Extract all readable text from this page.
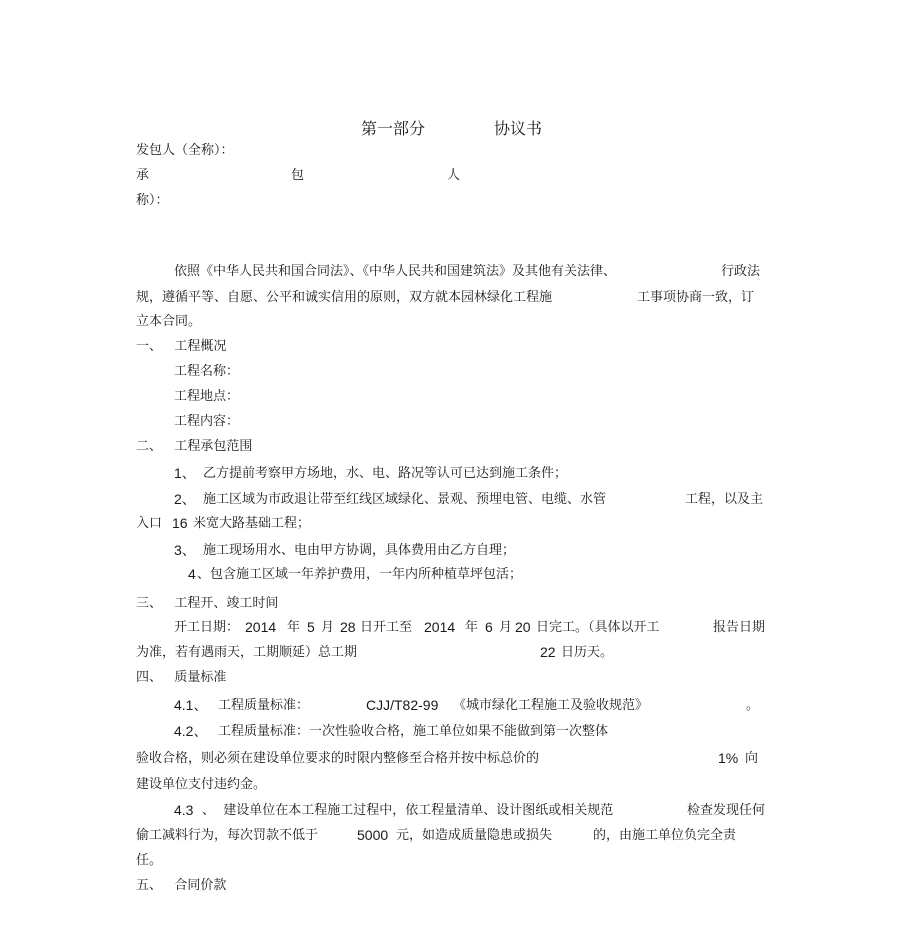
第一部分	协议书
发包人（全称）：
承	包	人
称）：
依照《中华人民共和国合同法》、《中华人民共和国建筑法》及其他有关法律、	行政法
规，遵循平等、自愿、公平和诚实信用的原则，双方就本园林绿化工程施	工事项协商一致，订
立本合同。
一、   工程概况
工程名称：
工程地点：
工程内容：
二、   工程承包范围
1、 乙方提前考察甲方场地，水、电、路况等认可已达到施工条件；
2、 施工区域为市政退让带至红线区域绿化、景观、预埋电管、电缆、水管	工程，以及主
入口 16 米宽大路基础工程；
3、 施工现场用水、电由甲方协调，具体费用由乙方自理；
4 、包含施工区域一年养护费用，一年内所种植草坪包活；
三、   工程开、竣工时间
开工日期： 2014 年 5 月 28 日开工至 2014 年 6 月 20 日完工。（具体以开工	报告日期
为准，若有遇雨天，工期顺延）总工期	22 日历天。
四、   质量标准
4.1、 工程质量标准：	CJJ/T82-99 《城市绿化工程施工及验收规范》	。
4.2、 工程质量标准：一次性验收合格，施工单位如果不能做到第一次整体
验收合格，则必须在建设单位要求的时限内整修至合格并按中标总价的	1% 向
建设单位支付违约金。
4.3 、  建设单位在本工程施工过程中，依工程量清单、设计图纸或相关规范	检查发现任何
偷工减料行为，每次罚款不低于	5000 元，如造成质量隐患或损失	的，由施工单位负完全责
任。
五、   合同价款
